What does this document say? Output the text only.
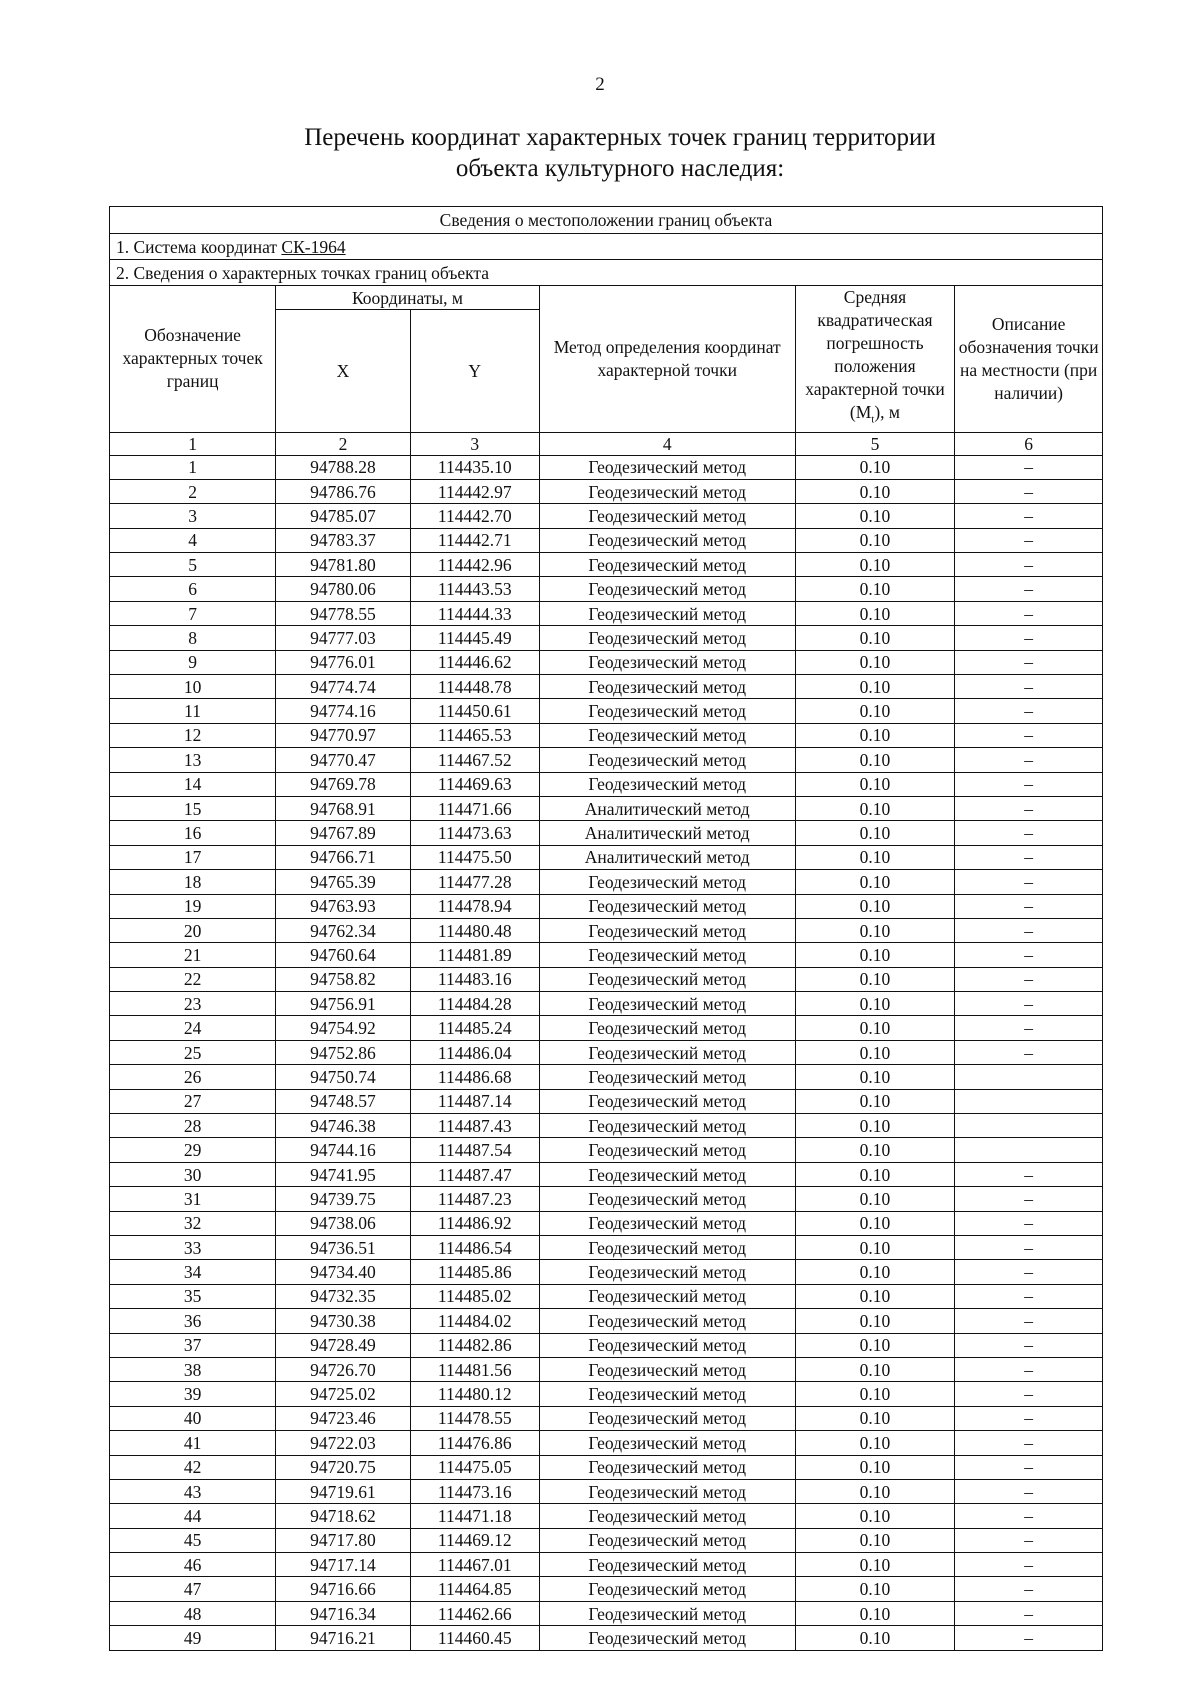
2
Перечень координат характерных точек границ территории
объекта культурного наследия:
Сведения о местоположении границ объекта					
1. Система координат СК-1964					
2. Сведения о характерных точках границ объекта					
Обозначение характерных точек границ	Координаты, м		Метод определения координат характерной точки	Средняя квадратическая погрешность положения характерной точки $(M_t)$, м	Описание обозначения точки на местности (при наличии)
	X	Y			
1	2	3	4	5	6
1	94788.28	114435.10	Геодезический метод	0.10	–
2	94786.76	114442.97	Геодезический метод	0.10	–
3	94785.07	114442.70	Геодезический метод	0.10	–
4	94783.37	114442.71	Геодезический метод	0.10	–
5	94781.80	114442.96	Геодезический метод	0.10	–
6	94780.06	114443.53	Геодезический метод	0.10	–
7	94778.55	114444.33	Геодезический метод	0.10	–
8	94777.03	114445.49	Геодезический метод	0.10	–
9	94776.01	114446.62	Геодезический метод	0.10	–
10	94774.74	114448.78	Геодезический метод	0.10	–
11	94774.16	114450.61	Геодезический метод	0.10	–
12	94770.97	114465.53	Геодезический метод	0.10	–
13	94770.47	114467.52	Геодезический метод	0.10	–
14	94769.78	114469.63	Геодезический метод	0.10	–
15	94768.91	114471.66	Аналитический метод	0.10	–
16	94767.89	114473.63	Аналитический метод	0.10	–
17	94766.71	114475.50	Аналитический метод	0.10	–
18	94765.39	114477.28	Геодезический метод	0.10	–
19	94763.93	114478.94	Геодезический метод	0.10	–
20	94762.34	114480.48	Геодезический метод	0.10	–
21	94760.64	114481.89	Геодезический метод	0.10	–
22	94758.82	114483.16	Геодезический метод	0.10	–
23	94756.91	114484.28	Геодезический метод	0.10	–
24	94754.92	114485.24	Геодезический метод	0.10	–
25	94752.86	114486.04	Геодезический метод	0.10	–
26	94750.74	114486.68	Геодезический метод	0.10	
27	94748.57	114487.14	Геодезический метод	0.10	
28	94746.38	114487.43	Геодезический метод	0.10	
29	94744.16	114487.54	Геодезический метод	0.10	
30	94741.95	114487.47	Геодезический метод	0.10	–
31	94739.75	114487.23	Геодезический метод	0.10	–
32	94738.06	114486.92	Геодезический метод	0.10	–
33	94736.51	114486.54	Геодезический метод	0.10	–
34	94734.40	114485.86	Геодезический метод	0.10	–
35	94732.35	114485.02	Геодезический метод	0.10	–
36	94730.38	114484.02	Геодезический метод	0.10	–
37	94728.49	114482.86	Геодезический метод	0.10	–
38	94726.70	114481.56	Геодезический метод	0.10	–
39	94725.02	114480.12	Геодезический метод	0.10	–
40	94723.46	114478.55	Геодезический метод	0.10	–
41	94722.03	114476.86	Геодезический метод	0.10	–
42	94720.75	114475.05	Геодезический метод	0.10	–
43	94719.61	114473.16	Геодезический метод	0.10	–
44	94718.62	114471.18	Геодезический метод	0.10	–
45	94717.80	114469.12	Геодезический метод	0.10	–
46	94717.14	114467.01	Геодезический метод	0.10	–
47	94716.66	114464.85	Геодезический метод	0.10	–
48	94716.34	114462.66	Геодезический метод	0.10	–
49	94716.21	114460.45	Геодезический метод	0.10	–
